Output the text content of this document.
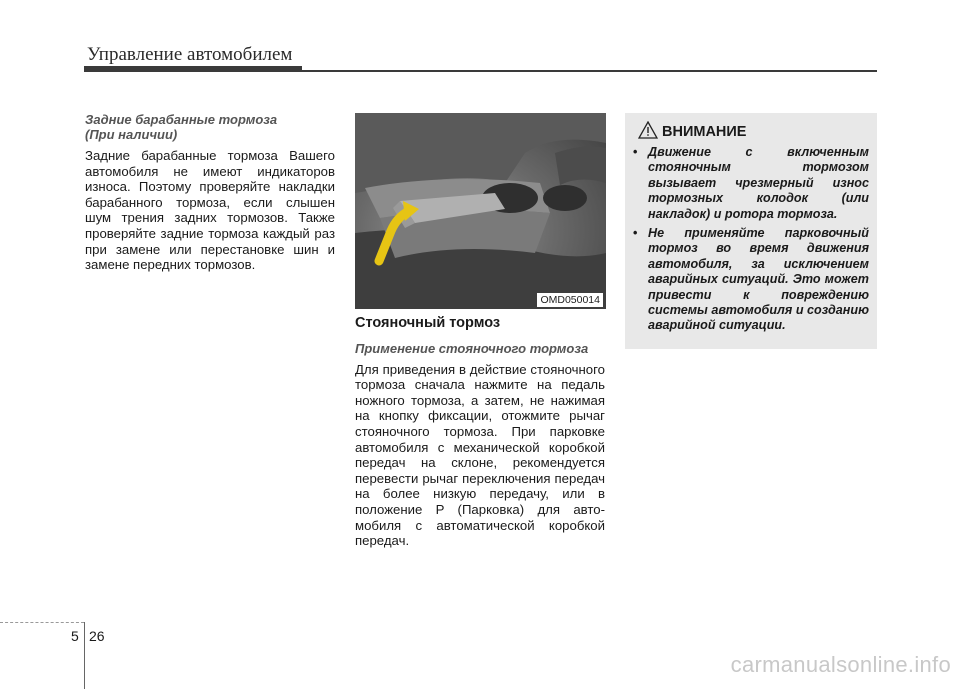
Управление автомобилем

Задние барабанные тормоза

(При наличии)

Задние барабанные тормоза Вашего автомобиля не имеют индикаторов износа. Поэтому проверяйте накладки барабанного тормоза, если слышен шум трения задних тормозов. Также проверяйте задние тормоза каждый раз при замене или перестановке шин и замене передних тормозов.

OMD050014

Стояночный тормоз

Применение стояночного тормоза

Для приведения в действие стояночного тормоза сначала нажмите на педаль ножного тормоза, а затем, не нажимая на кнопку фиксации, отожмите рычаг стояночного тормоза. При парковке автомобиля с механической коробкой передач на склоне, рекомендуется перевести рычаг переключения передач на более низкую передачу, или в положение P (Парковка) для авто-мобиля с автоматической коробкой передач.

ВНИМАНИЕ
• Движение с включенным стояночным тормозом вызывает чрезмерный износ тормозных колодок (или накладок) и ротора тормоза.
• Не применяйте парковочный тормоз во время движения автомобиля, за исключением аварийных ситуаций. Это может привести к повреждению системы автомобиля и созданию аварийной ситуации.
5 26
carmanualsonline.info
